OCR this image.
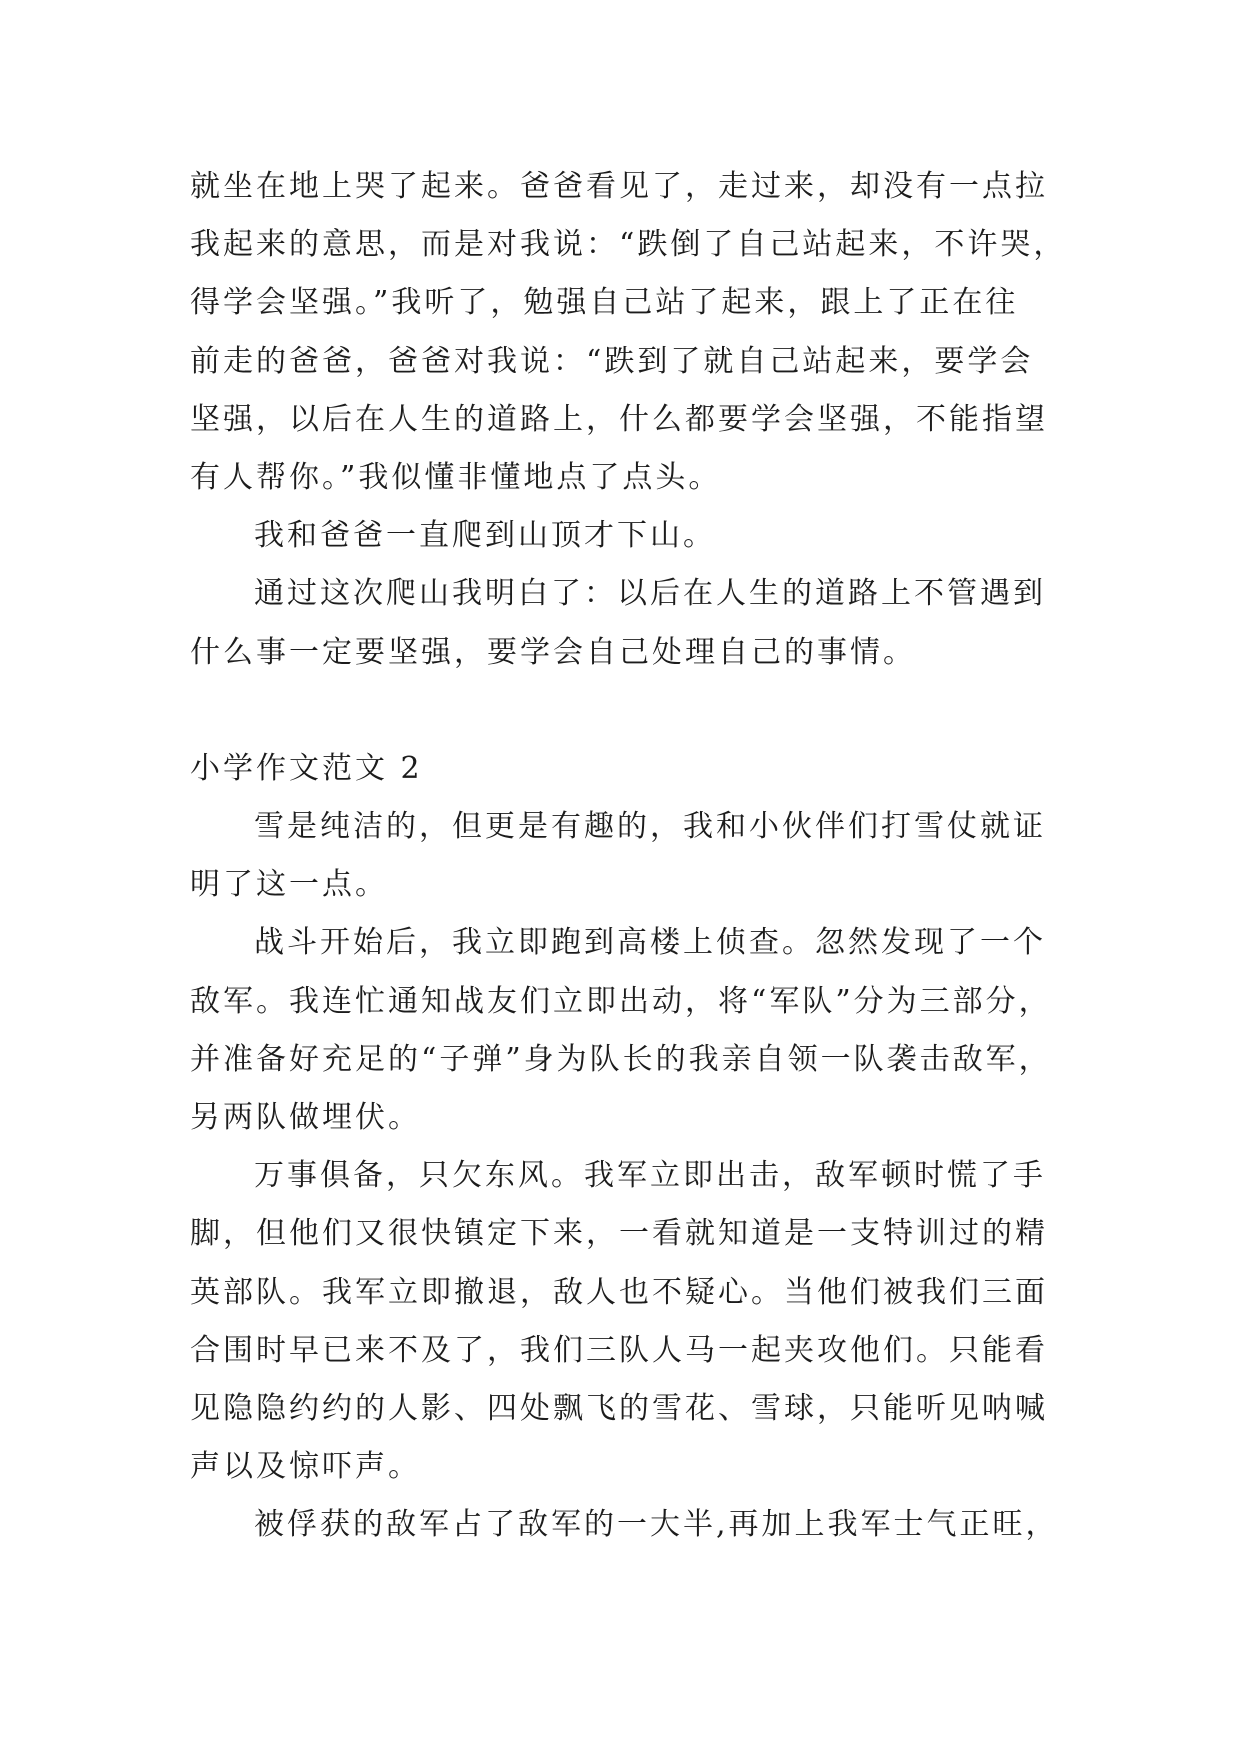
就坐在地上哭了起来。爸爸看见了，走过来，却没有一点拉
我起来的意思，而是对我说：“跌倒了自己站起来，不许哭，
得学会坚强。”我听了，勉强自己站了起来，跟上了正在往
前走的爸爸，爸爸对我说：“跌到了就自己站起来，要学会
坚强，以后在人生的道路上，什么都要学会坚强，不能指望
有人帮你。”我似懂非懂地点了点头。
我和爸爸一直爬到山顶才下山。
通过这次爬山我明白了：以后在人生的道路上不管遇到
什么事一定要坚强，要学会自己处理自己的事情。
小学作文范文 2
雪是纯洁的，但更是有趣的，我和小伙伴们打雪仗就证
明了这一点。
战斗开始后，我立即跑到高楼上侦查。忽然发现了一个
敌军。我连忙通知战友们立即出动，将“军队”分为三部分，
并准备好充足的“子弹”身为队长的我亲自领一队袭击敌军，
另两队做埋伏。
万事俱备，只欠东风。我军立即出击，敌军顿时慌了手
脚，但他们又很快镇定下来，一看就知道是一支特训过的精
英部队。我军立即撤退，敌人也不疑心。当他们被我们三面
合围时早已来不及了，我们三队人马一起夹攻他们。只能看
见隐隐约约的人影、四处飘飞的雪花、雪球，只能听见呐喊
声以及惊吓声。
被俘获的敌军占了敌军的一大半,再加上我军士气正旺，
